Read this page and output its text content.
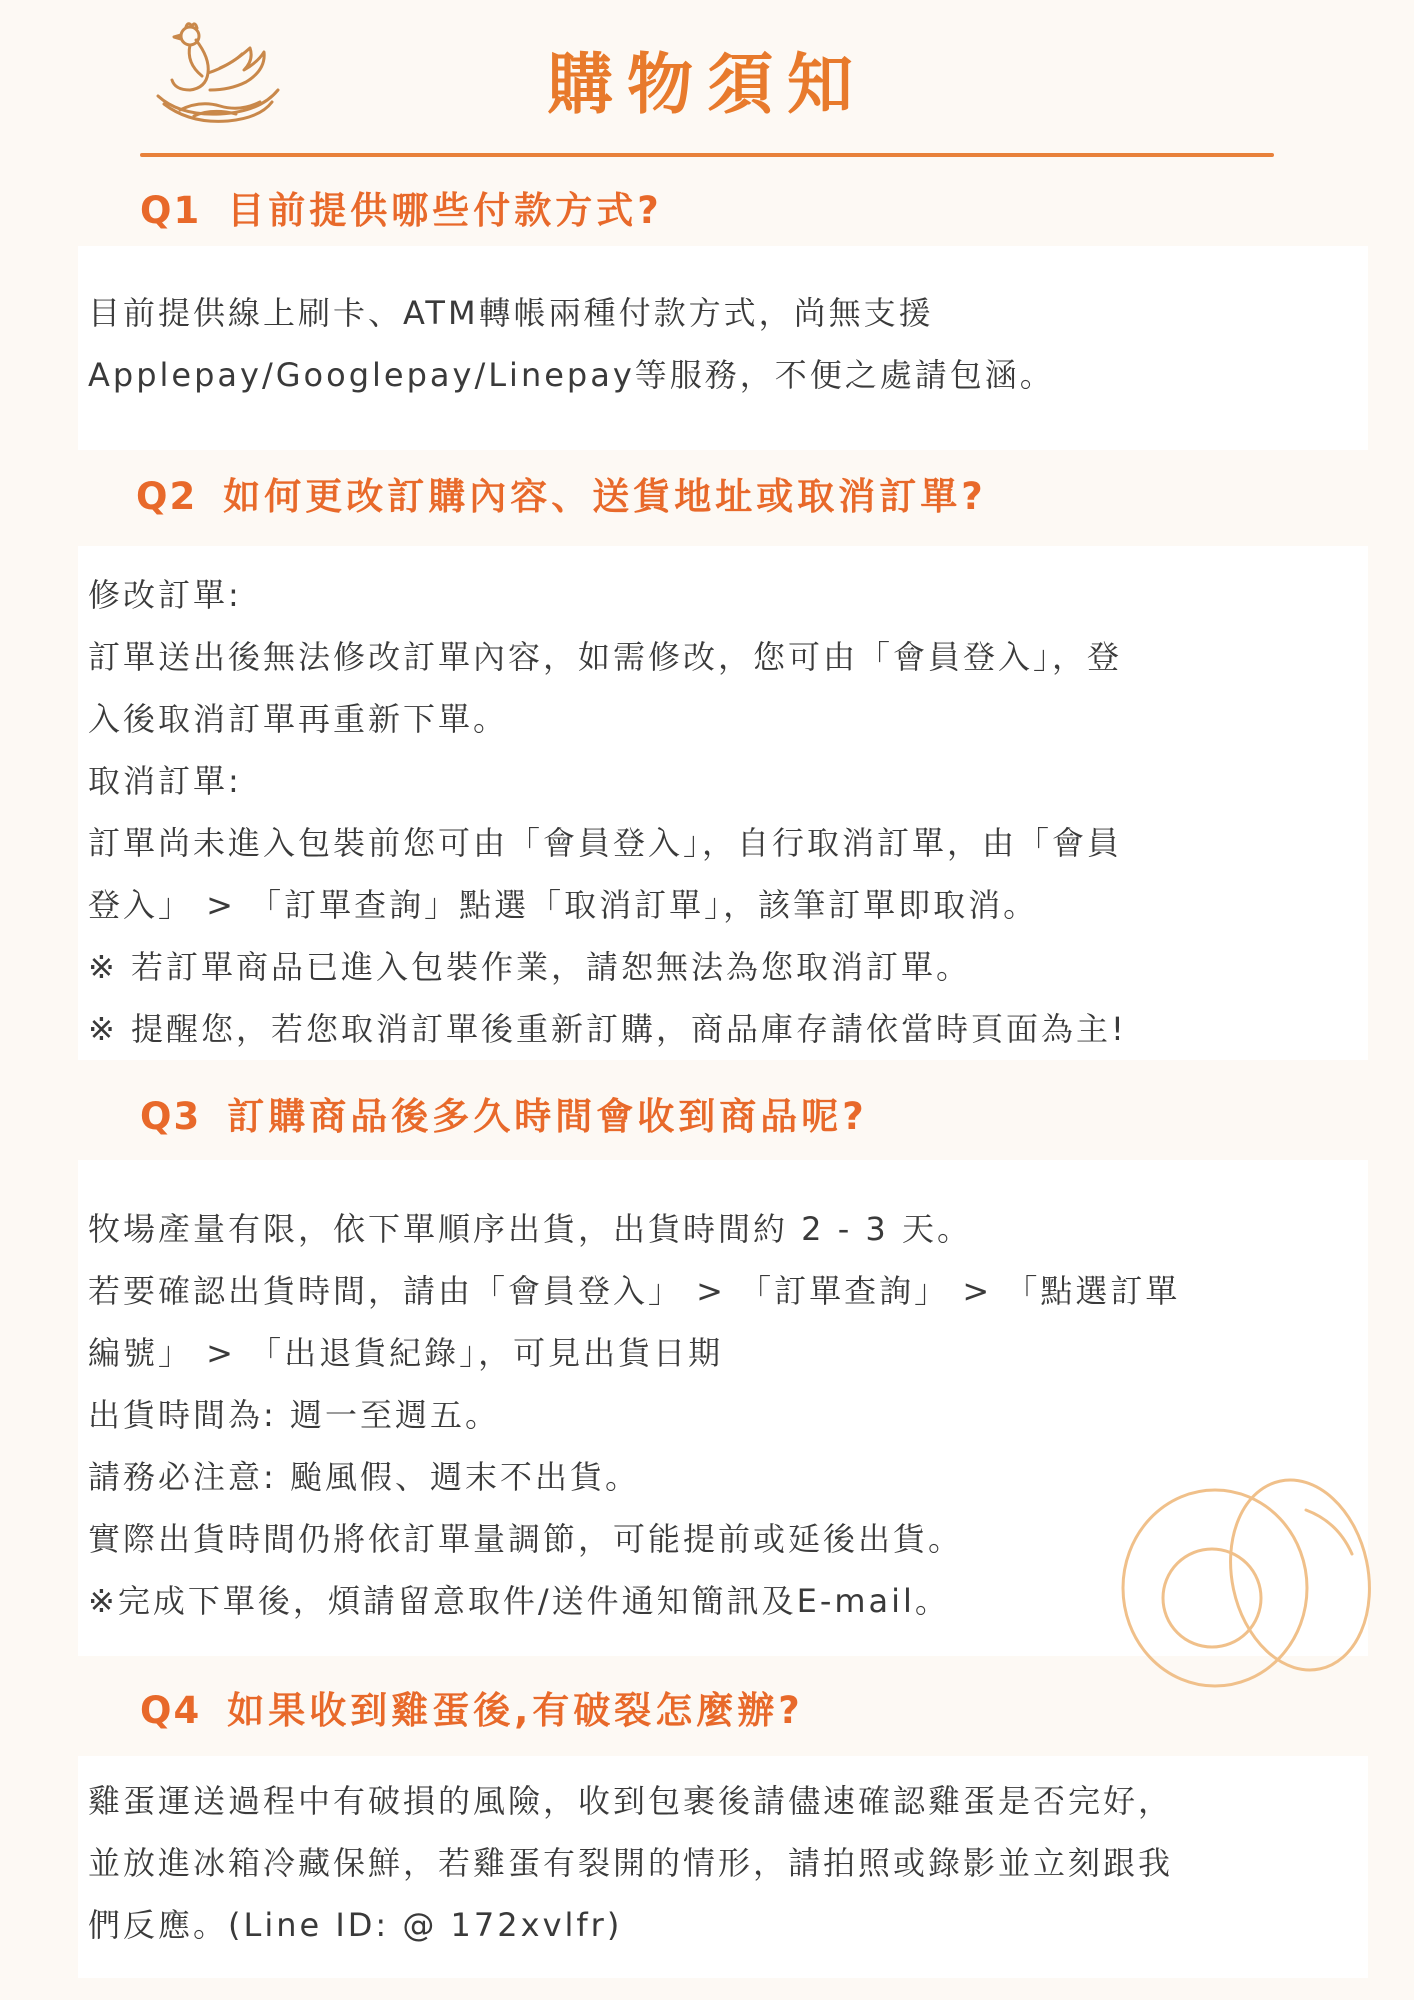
購物須知
Q1 目前提供哪些付款方式?

目前提供線上刷卡、ATM轉帳兩種付款方式，尚無支援

Applepay/Googlepay/Linepay等服務，不便之處請包涵。

Q2 如何更改訂購內容、送貨地址或取消訂單?

修改訂單:

訂單送出後無法修改訂單內容，如需修改，您可由「會員登入」，登

入後取消訂單再重新下單。

取消訂單:

訂單尚未進入包裝前您可由「會員登入」，自行取消訂單，由「會員

登入」 > 「訂單查詢」點選「取消訂單」，該筆訂單即取消。

※ 若訂單商品已進入包裝作業，請恕無法為您取消訂單。

※ 提醒您，若您取消訂單後重新訂購，商品庫存請依當時頁面為主!

Q3 訂購商品後多久時間會收到商品呢?

牧場產量有限，依下單順序出貨，出貨時間約 2 - 3 天。

若要確認出貨時間，請由「會員登入」 > 「訂單查詢」 > 「點選訂單

編號」 > 「出退貨紀錄」，可見出貨日期

出貨時間為: 週一至週五。

請務必注意: 颱風假、週末不出貨。

實際出貨時間仍將依訂單量調節，可能提前或延後出貨。

※完成下單後，煩請留意取件/送件通知簡訊及E-mail。

Q4 如果收到雞蛋後,有破裂怎麼辦?

雞蛋運送過程中有破損的風險，收到包裹後請儘速確認雞蛋是否完好，

並放進冰箱冷藏保鮮，若雞蛋有裂開的情形，請拍照或錄影並立刻跟我

們反應。(Line ID: @ 172xvlfr)
